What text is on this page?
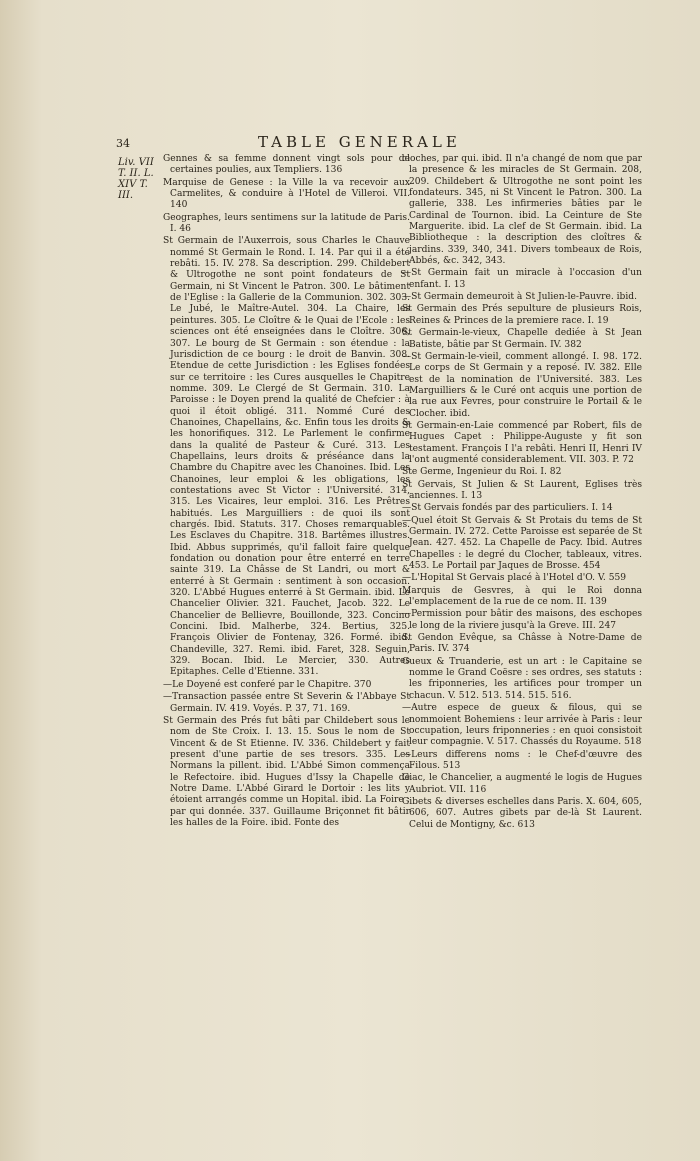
34	TABLE GENERALE
Liv. VII T. II. L. XIV T. III.

Gennes & sa femme donnent vingt sols pour de certaines poulies, aux Templiers. 136

Marquise de Genese : la Ville la va recevoir aux Carmelites, & conduire à l'Hotel de Villeroi. VII. 140

Geographes, leurs sentimens sur la latitude de Paris. I. 46

St Germain de l'Auxerrois, sous Charles le Chauve nommé St Germain le Rond. I. 14. Par qui il a été rebâti. 15. IV. 278. Sa description. 299. Childebert & Ultrogothe ne sont point fondateurs de St Germain, ni St Vincent le Patron. 300. Le bâtiment de l'Eglise : la Gallerie de la Communion. 302. 303. Le Jubé, le Maître-Autel. 304. La Chaire, les peintures. 305. Le Cloître & le Quai de l'Ecole : les sciences ont été enseignées dans le Cloître. 306, 307. Le bourg de St Germain : son étendue : la Jurisdiction de ce bourg : le droit de Banvin. 308. Etendue de cette Jurisdiction : les Eglises fondées sur ce territoire : les Cures ausquelles le Chapitre nomme. 309. Le Clergé de St Germain. 310. La Paroisse : le Doyen prend la qualité de Chefcier : à quoi il étoit obligé. 311. Nommé Curé des Chanoines, Chapellains, &c. Enfin tous les droits & les honorifiques. 312. Le Parlement le confirme dans la qualité de Pasteur & Curé. 313. Les Chapellains, leurs droits & préséance dans la Chambre du Chapitre avec les Chanoines. Ibid. Les Chanoines, leur emploi & les obligations, les contestations avec St Victor : l'Université. 314, 315. Les Vicaires, leur emploi. 316. Les Prêtres habitués. Les Marguilliers : de quoi ils sont chargés. Ibid. Statuts. 317. Choses remarquables. Les Esclaves du Chapitre. 318. Bartêmes illustres. Ibid. Abbus supprimés, qu'il falloit faire quelque fondation ou donation pour être enterré en terre sainte 319. La Châsse de St Landri, ou mort & enterré à St Germain : sentiment à son occasion. 320. L'Abbé Hugues enterré à St Germain. ibid. Le Chancelier Olivier. 321. Fauchet, Jacob. 322. Le Chancelier de Bellievre, Bouillonde, 323. Concino Concini. Ibid. Malherbe, 324. Bertius, 325. François Olivier de Fontenay, 326. Formé. ibid. Chandeville, 327. Remi. ibid. Faret, 328. Seguin, 329. Bocan. Ibid. Le Mercier, 330. Autres Epitaphes. Celle d'Etienne. 331.

—Le Doyené est conferé par le Chapitre. 370

—Transaction passée entre St Severin & l'Abbaye St Germain. IV. 419. Voyés. P. 37, 71. 169.

St Germain des Prés fut bâti par Childebert sous le nom de Ste Croix. I. 13. 15. Sous le nom de St Vincent & de St Etienne. IV. 336. Childebert y fait present d'une partie de ses tresors. 335. Les Normans la pillent. ibid. L'Abbé Simon commença le Refectoire. ibid. Hugues d'Issy la Chapelle de Notre Dame. L'Abbé Girard le Dortoir : les lits y étoient arrangés comme un Hopital. ibid. La Foire : par qui donnée. 337. Guillaume Briçonnet fit bâtir les halles de la Foire. ibid. Fonte des

cloches, par qui. ibid. Il n'a changé de nom que par la presence & les miracles de St Germain. 208, 209. Childebert & Ultrogothe ne sont point les fondateurs. 345, ni St Vincent le Patron. 300. La gallerie, 338. Les infirmeries bâties par le Cardinal de Tournon. ibid. La Ceinture de Ste Marguerite. ibid. La clef de St Germain. ibid. La Bibliotheque : la description des cloîtres & jardins. 339, 340, 341. Divers tombeaux de Rois, Abbés, &c. 342, 343.

—St Germain fait un miracle à l'occasion d'un enfant. I. 13

—St Germain demeuroit à St Julien-le-Pauvre. ibid.

St Germain des Prés sepulture de plusieurs Rois, Reines & Princes de la premiere race. I. 19

St Germain-le-vieux, Chapelle dediée à St Jean Batiste, bâtie par St Germain. IV. 382

—St Germain-le-vieil, comment allongé. I. 98. 172. Le corps de St Germain y a reposé. IV. 382. Elle est de la nomination de l'Université. 383. Les Marguilliers & le Curé ont acquis une portion de la rue aux Fevres, pour construire le Portail & le Clocher. ibid.

St Germain-en-Laie commencé par Robert, fils de Hugues Capet : Philippe-Auguste y fit son testament. François I l'a rebâti. Henri II, Henri IV l'ont augmenté considerablement. VII. 303. P. 72

Ste Germe, Ingenieur du Roi. I. 82

St Gervais, St Julien & St Laurent, Eglises très anciennes. I. 13

—St Gervais fondés par des particuliers. I. 14

—Quel étoit St Gervais & St Protais du tems de St Germain. IV. 272. Cette Paroisse est separée de St Jean. 427. 452. La Chapelle de Pacy. Ibid. Autres Chapelles : le degré du Clocher, tableaux, vitres. 453. Le Portail par Jaques de Brosse. 454

—L'Hopital St Gervais placé à l'Hotel d'O. V. 559

Marquis de Gesvres, à qui le Roi donna l'emplacement de la rue de ce nom. II. 139

—Permission pour bâtir des maisons, des eschopes le long de la riviere jusqu'à la Greve. III. 247

St Gendon Evêque, sa Châsse à Notre-Dame de Paris. IV. 374

Gueux & Truanderie, est un art : le Capitaine se nomme le Grand Coësre : ses ordres, ses statuts : les friponneries, les artifices pour tromper un chacun. V. 512. 513. 514. 515. 516.

—Autre espece de gueux & filous, qui se nommoient Bohemiens : leur arrivée à Paris : leur occupation, leurs friponneries : en quoi consistoit leur compagnie. V. 517. Chassés du Royaume. 518

—Leurs differens noms : le Chef-d'œuvre des Filous. 513

Giac, le Chancelier, a augmenté le logis de Hugues Aubriot. VII. 116

Gibets & diverses eschelles dans Paris. X. 604, 605, 606, 607. Autres gibets par de-là St Laurent. Celui de Montigny, &c. 613
